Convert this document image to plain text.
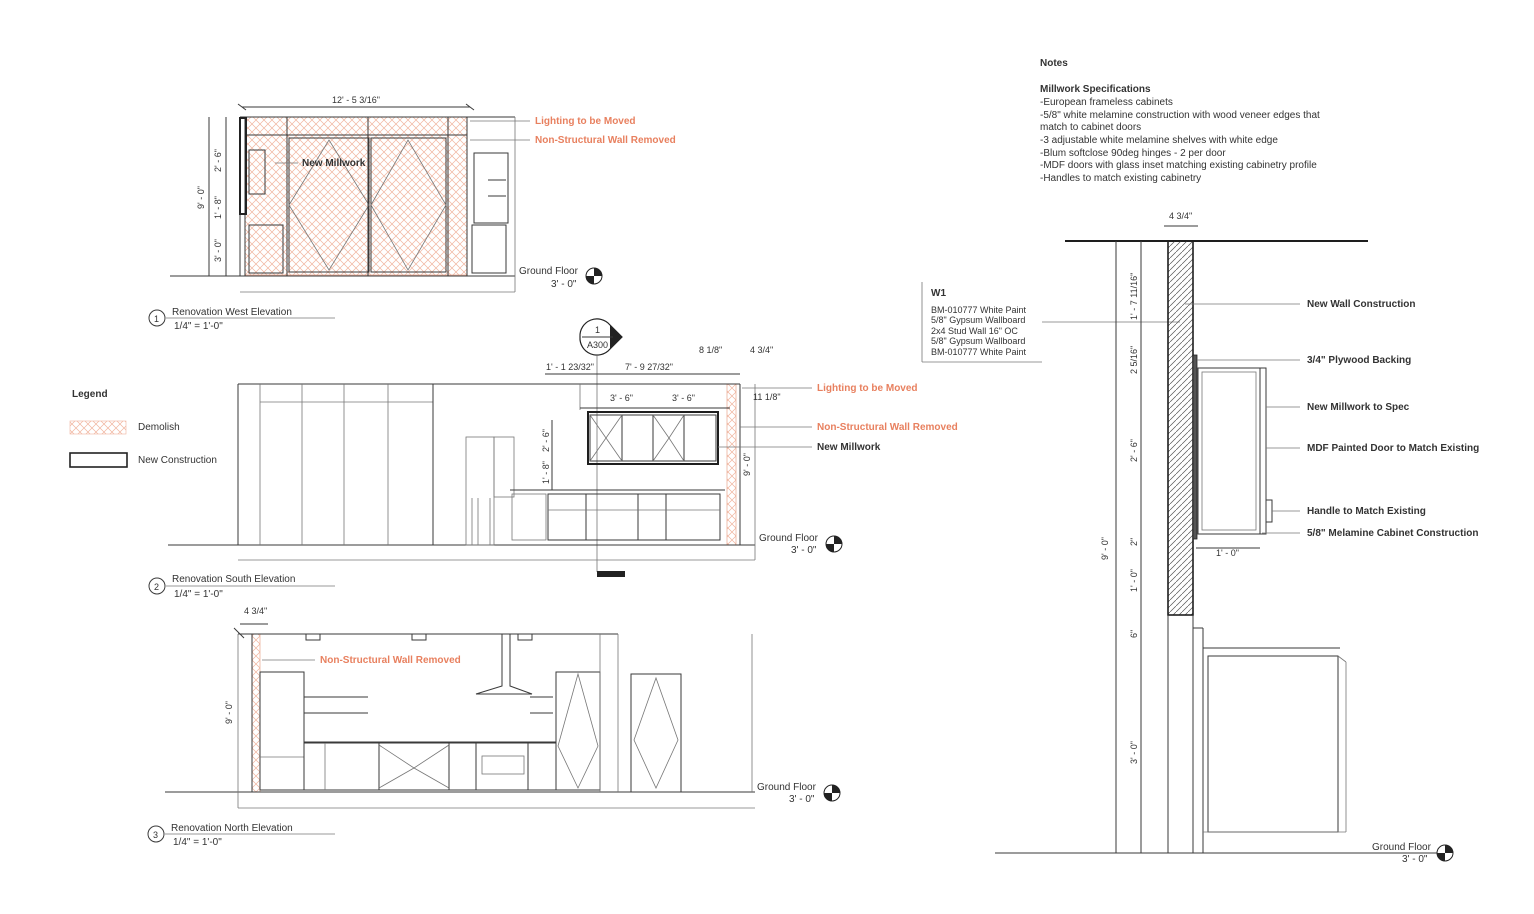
Notes
Millwork Specifications
-European frameless cabinets
-5/8" white melamine construction with wood veneer edges that
match to cabinet doors
-3 adjustable white melamine shelves with white edge
-Blum softclose 90deg hinges - 2 per door
-MDF doors with glass inset matching existing cabinetry profile
-Handles to match existing cabinetry
Legend
Demolish
New Construction
W1
BM-010777 White Paint
5/8" Gypsum Wallboard
2x4 Stud Wall 16" OC
5/8" Gypsum Wallboard
BM-010777 White Paint
12' - 5 3/16"
9' - 0"
2' - 6"
1' - 8"
3' - 0"
New Millwork
Lighting to be Moved
Non-Structural Wall Removed
Ground Floor
3' - 0"
1
Renovation West Elevation
1/4" = 1'-0"	1
A300
1' - 1 23/32"	7' - 9 27/32"
8 1/8"	4 3/4"
3' - 6"	3' - 6"	11 1/8"
2' - 6"
1' - 8"	9' - 0"
Lighting to be Moved
Non-Structural Wall Removed
New Millwork
Ground Floor
3' - 0"
2
Renovation South Elevation
1/4" = 1'-0"
4 3/4"
9' - 0"
Non-Structural Wall Removed
Ground Floor
3' - 0"
3
Renovation North Elevation
1/4" = 1'-0"
4 3/4"
1' - 7 11/16"
2 5/16"
2' - 6"
2"
1' - 0"
6"
3' - 0"
9' - 0"	1' - 0"
New Wall Construction
3/4" Plywood Backing
New Millwork to Spec
MDF Painted Door to Match Existing
Handle to Match Existing
5/8" Melamine Cabinet Construction
Ground Floor
3' - 0"
